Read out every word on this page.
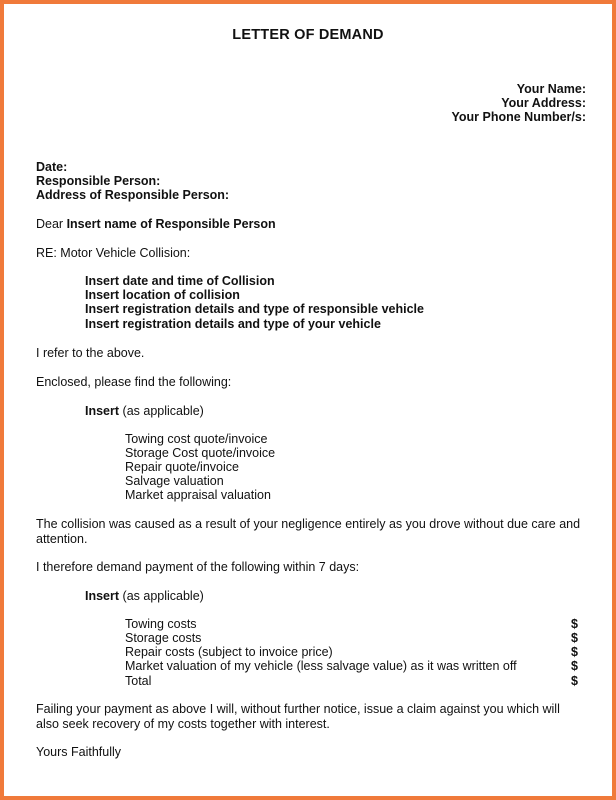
LETTER OF DEMAND
Your Name:
Your Address:
Your Phone Number/s:
Date:
Responsible Person:
Address of Responsible Person:
Dear Insert name of Responsible Person
RE: Motor Vehicle Collision:
Insert date and time of Collision
Insert location of collision
Insert registration details and type of responsible vehicle
Insert registration details and type of your vehicle
I refer to the above.
Enclosed, please find the following:
Insert (as applicable)
Towing cost quote/invoice
Storage Cost quote/invoice
Repair quote/invoice
Salvage valuation
Market appraisal valuation
The collision was caused as a result of your negligence entirely as you drove without due care and attention.
I therefore demand payment of the following within 7 days:
Insert (as applicable)
Towing costs	$
Storage costs	$
Repair costs (subject to invoice price)	$
Market valuation of my vehicle (less salvage value) as it was written off	$
Total	$
Failing your payment as above I will, without further notice, issue a claim against you which will also seek recovery of my costs together with interest.
Yours Faithfully
